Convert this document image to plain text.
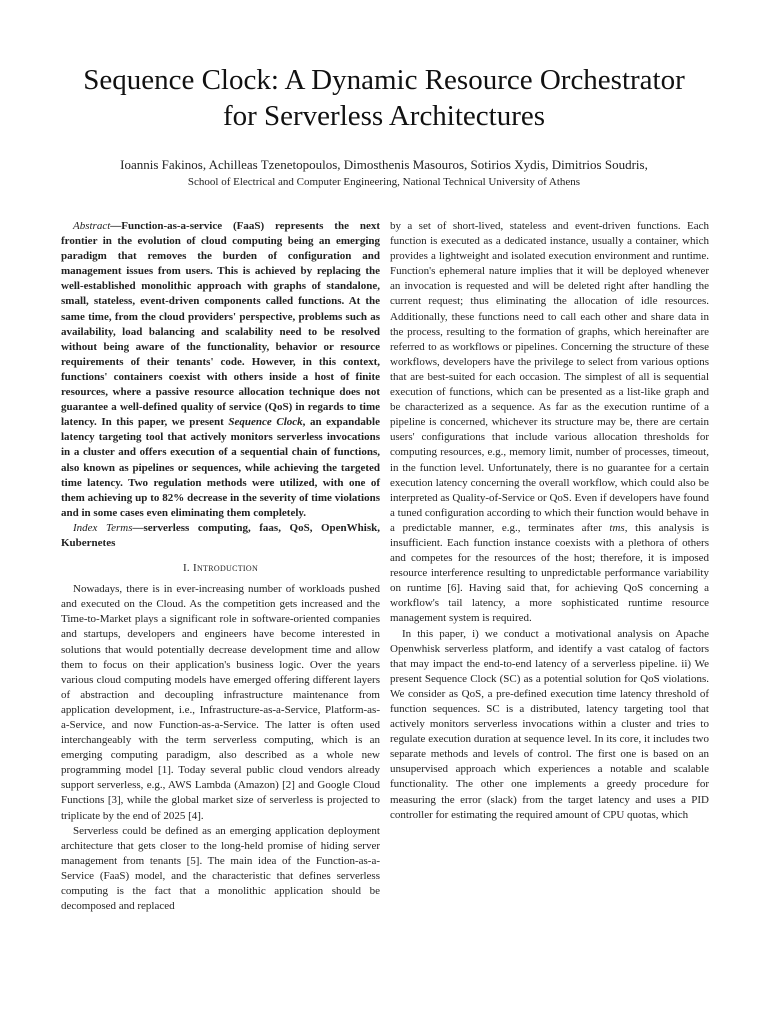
Sequence Clock: A Dynamic Resource Orchestrator
for Serverless Architectures
Ioannis Fakinos, Achilleas Tzenetopoulos, Dimosthenis Masouros, Sotirios Xydis, Dimitrios Soudris,
School of Electrical and Computer Engineering, National Technical University of Athens

Abstract—Function-as-a-service (FaaS) represents the next frontier in the evolution of cloud computing being an emerging paradigm that removes the burden of configuration and management issues from users. This is achieved by replacing the well-established monolithic approach with graphs of standalone, small, stateless, event-driven components called functions. At the same time, from the cloud providers' perspective, problems such as availability, load balancing and scalability need to be resolved without being aware of the functionality, behavior or resource requirements of their tenants' code. However, in this context, functions' containers coexist with others inside a host of finite resources, where a passive resource allocation technique does not guarantee a well-defined quality of service (QoS) in regards to time latency. In this paper, we present Sequence Clock, an expandable latency targeting tool that actively monitors serverless invocations in a cluster and offers execution of a sequential chain of functions, also known as pipelines or sequences, while achieving the targeted time latency. Two regulation methods were utilized, with one of them achieving up to 82% decrease in the severity of time violations and in some cases even eliminating them completely.

Index Terms—serverless computing, faas, QoS, OpenWhisk, Kubernetes

I. Introduction

Nowadays, there is in ever-increasing number of workloads pushed and executed on the Cloud. As the competition gets increased and the Time-to-Market plays a significant role in software-oriented companies and startups, developers and engineers have become interested in solutions that would potentially decrease development time and allow them to focus on their application's business logic. Over the years various cloud computing models have emerged offering different layers of abstraction and decoupling infrastructure maintenance from application development, i.e., Infrastructure-as-a-Service, Platform-as-a-Service, and now Function-as-a-Service. The latter is often used interchangeably with the term serverless computing, which is an emerging computing paradigm, also described as a whole new programming model [1]. Today several public cloud vendors already support serverless, e.g., AWS Lambda (Amazon) [2] and Google Cloud Functions [3], while the global market size of serverless is projected to triplicate by the end of 2025 [4].

Serverless could be defined as an emerging application deployment architecture that gets closer to the long-held promise of hiding server management from tenants [5]. The main idea of the Function-as-a-Service (FaaS) model, and the characteristic that defines serverless computing is the fact that a monolithic application should be decomposed and replaced

by a set of short-lived, stateless and event-driven functions. Each function is executed as a dedicated instance, usually a container, which provides a lightweight and isolated execution environment and runtime. Function's ephemeral nature implies that it will be deployed whenever an invocation is requested and will be deleted right after handling the current request; thus eliminating the allocation of idle resources. Additionally, these functions need to call each other and share data in the process, resulting to the formation of graphs, which hereinafter are referred to as workflows or pipelines. Concerning the structure of these workflows, developers have the privilege to select from various options that are best-suited for each occasion. The simplest of all is sequential execution of functions, which can be presented as a list-like graph and be characterized as a sequence. As far as the execution runtime of a pipeline is concerned, whichever its structure may be, there are certain users' configurations that include various allocation thresholds for computing resources, e.g., memory limit, number of processes, timeout, in the function level. Unfortunately, there is no guarantee for a certain execution latency concerning the overall workflow, which could also be interpreted as Quality-of-Service or QoS. Even if developers have found a tuned configuration according to which their function would behave in a predictable manner, e.g., terminates after tms, this analysis is insufficient. Each function instance coexists with a plethora of others and competes for the resources of the host; therefore, it is imposed resource interference resulting to unpredictable performance variability on runtime [6]. Having said that, for achieving QoS concerning a workflow's tail latency, a more sophisticated runtime resource management system is required.

In this paper, i) we conduct a motivational analysis on Apache Openwhisk serverless platform, and identify a vast catalog of factors that may impact the end-to-end latency of a serverless pipeline. ii) We present Sequence Clock (SC) as a potential solution for QoS violations. We consider as QoS, a pre-defined execution time latency threshold of function sequences. SC is a distributed, latency targeting tool that actively monitors serverless invocations within a cluster and tries to regulate execution duration at sequence level. In its core, it includes two separate methods and levels of control. The first one is based on an unsupervised approach which experiences a notable and scalable functionality. The other one implements a greedy procedure for measuring the error (slack) from the target latency and uses a PID controller for estimating the required amount of CPU quotas, which
